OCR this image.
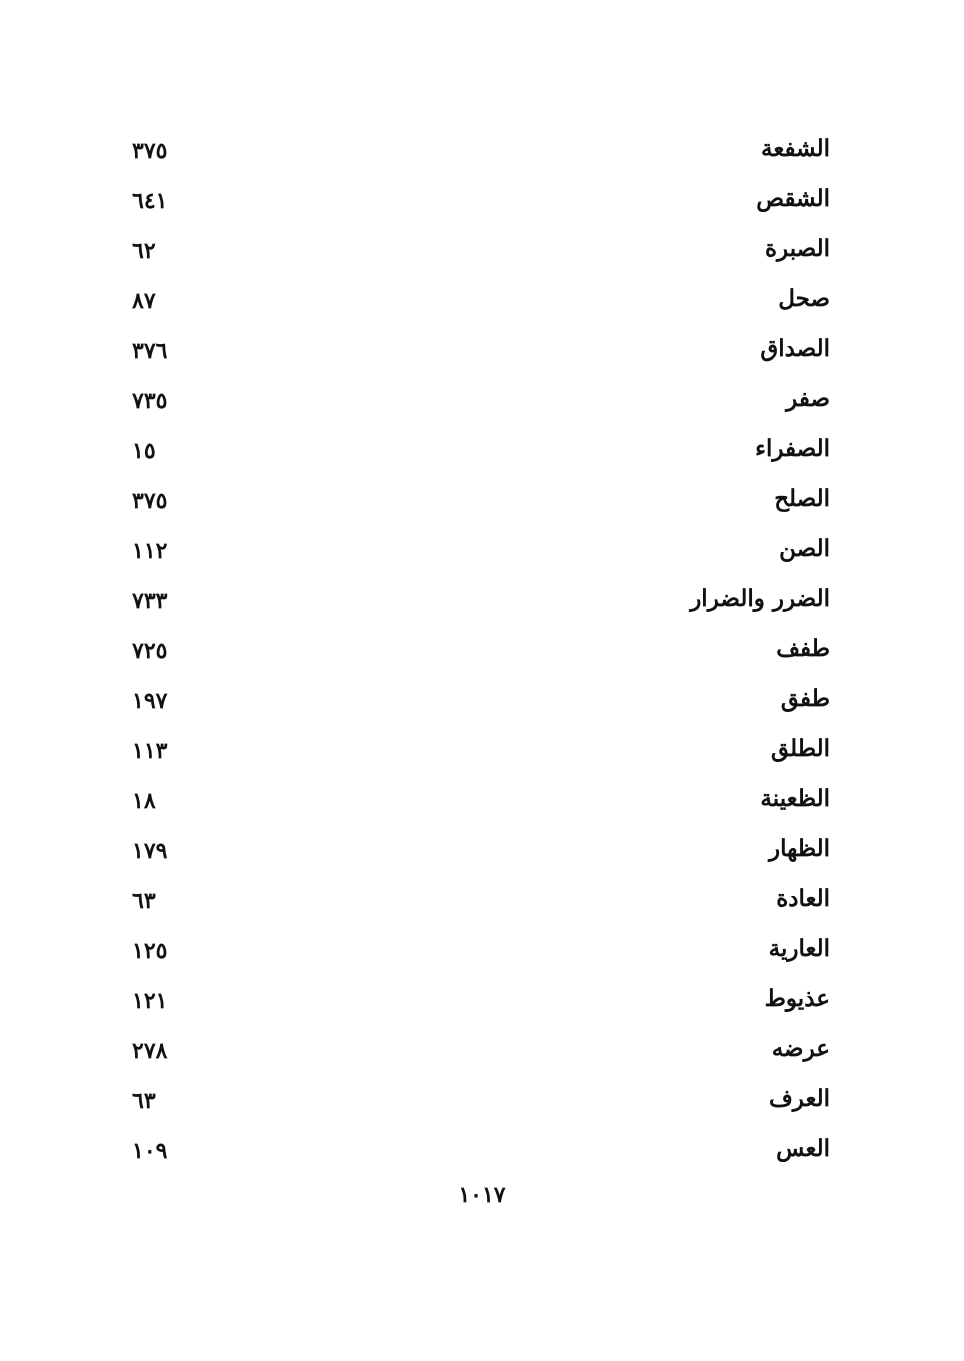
الشفعة
٣٧٥
الشقص
٦٤١
الصبرة
٦٢
صحل
٨٧
الصداق
٣٧٦
صفر
٧٣٥
الصفراء
١٥
الصلح
٣٧٥
الصن
١١٢
الضرر والضرار
٧٣٣
طفف
٧٢٥
طفق
١٩٧
الطلق
١١٣
الظعينة
١٨
الظهار
١٧٩
العادة
٦٣
العارية
١٢٥
عذيوط
١٢١
عرضه
٢٧٨
العرف
٦٣
العس
١٠٩
١٠١٧
